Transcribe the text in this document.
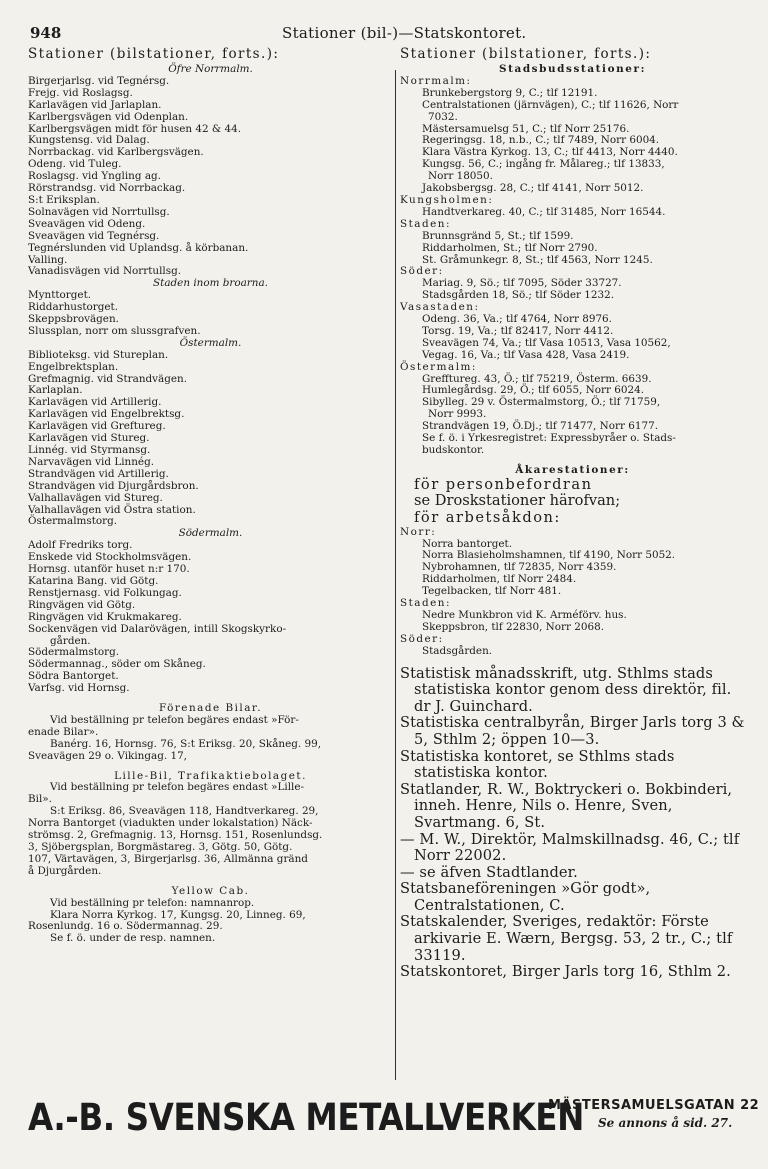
948	Stationer (bil-)—Statskontoret.
Stationer (bilstationer, forts.):
Öfre Norrmalm.
Birgerjarlsg. vid Tegnérsg.
Frejg. vid Roslagsg.
Karlavägen vid Jarlaplan.
Karlbergsvägen vid Odenplan.
Karlbergsvägen midt för husen 42 & 44.
Kungstensg. vid Dalag.
Norrbackag. vid Karlbergsvägen.
Odeng. vid Tuleg.
Roslagsg. vid Yngling ag.
Rörstrandsg. vid Norrbackag.
S:t Eriksplan.
Solnavägen vid Norrtullsg.
Sveavägen vid Odeng.
Sveavägen vid Tegnérsg.
Tegnérslunden vid Uplandsg. å körbanan.
Valling.
Vanadisvägen vid Norrtullsg.
Staden inom broarna.
Mynttorget.
Riddarhustorget.
Skeppsbrovägen.
Slussplan, norr om slussgrafven.
Östermalm.
Biblioteksg. vid Stureplan.
Engelbrektsplan.
Grefmagnig. vid Strandvägen.
Karlaplan.
Karlavägen vid Artillerig.
Karlavägen vid Engelbrektsg.
Karlavägen vid Greftureg.
Karlavägen vid Stureg.
Linnég. vid Styrmansg.
Narvavägen vid Linnég.
Strandvägen vid Artillerig.
Strandvägen vid Djurgårdsbron.
Valhallavägen vid Stureg.
Valhallavägen vid Östra station.
Östermalmstorg.
Södermalm.
Adolf Fredriks torg.
Enskede vid Stockholmsvägen.
Hornsg. utanför huset n:r 170.
Katarina Bang. vid Götg.
Renstjernasg. vid Folkungag.
Ringvägen vid Götg.
Ringvägen vid Krukmakareg.
Sockenvägen vid Dalarövägen, intill Skogskyrko-
gården.
Södermalmstorg.
Södermannag., söder om Skåneg.
Södra Bantorget.
Varfsg. vid Hornsg.
Förenade Bilar.
Vid beställning pr telefon begäres endast »För-
enade Bilar».
Banérg. 16, Hornsg. 76, S:t Eriksg. 20, Skåneg. 99,
Sveavägen 29 o. Vikingag. 17,
Lille-Bil, Trafikaktiebolaget.
Vid beställning pr telefon begäres endast »Lille-
Bil».
S:t Eriksg. 86, Sveavägen 118, Handtverkareg. 29,
Norra Bantorget (viadukten under lokalstation) Näck-
strömsg. 2, Grefmagnig. 13, Hornsg. 151, Rosenlundsg.
3, Sjöbergsplan, Borgmästareg. 3, Götg. 50, Götg.
107, Värtavägen, 3, Birgerjarlsg. 36, Allmänna gränd
å Djurgården.
Yellow Cab.
Vid beställning pr telefon: namnanrop.
Klara Norra Kyrkog. 17, Kungsg. 20, Linneg. 69,
Rosenlundg. 16 o. Södermannag. 29.
Se f. ö. under de resp. namnen.
Stationer (bilstationer, forts.):
Stadsbudsstationer:
Norrmalm:
Brunkebergstorg 9, C.; tlf 12191.
Centralstationen (järnvägen), C.; tlf 11626, Norr
7032.
Mästersamuelsg 51, C.; tlf Norr 25176.
Regeringsg. 18, n.b., C.; tlf 7489, Norr 6004.
Klara Västra Kyrkog. 13, C.; tlf 4413, Norr 4440.
Kungsg. 56, C.; ingång fr. Målareg.; tlf 13833,
Norr 18050.
Jakobsbergsg. 28, C.; tlf 4141, Norr 5012.
Kungsholmen:
Handtverkareg. 40, C.; tlf 31485, Norr 16544.
Staden:
Brunnsgränd 5, St.; tlf 1599.
Riddarholmen, St.; tlf Norr 2790.
St. Gråmunkegr. 8, St.; tlf 4563, Norr 1245.
Söder:
Mariag. 9, Sö.; tlf 7095, Söder 33727.
Stadsgården 18, Sö.; tlf Söder 1232.
Vasastaden:
Odeng. 36, Va.; tlf 4764, Norr 8976.
Torsg. 19, Va.; tlf 82417, Norr 4412.
Sveavägen 74, Va.; tlf Vasa 10513, Vasa 10562,
Vegag. 16, Va.; tlf Vasa 428, Vasa 2419.
Östermalm:
Grefftureg. 43, Ö.; tlf 75219, Österm. 6639.
Humlegårdsg. 29, Ö.; tlf 6055, Norr 6024.
Sibylleg. 29 v. Östermalmstorg, Ö.; tlf 71759,
Norr 9993.
Strandvägen 19, Ö.Dj.; tlf 71477, Norr 6177.
Se f. ö. i Yrkesregistret: Expressbyråer o. Stads-
budskontor.
Åkarestationer:
för personbefordran
se Droskstationer härofvan;
för arbetsåkdon:
Norr:
Norra bantorget.
Norra Blasieholmshamnen, tlf 4190, Norr 5052.
Nybrohamnen, tlf 72835, Norr 4359.
Riddarholmen, tlf Norr 2484.
Tegelbacken, tlf Norr 481.
Staden:
Nedre Munkbron vid K. Arméförv. hus.
Skeppsbron, tlf 22830, Norr 2068.
Söder:
Stadsgården.
Statistisk månadsskrift, utg. Sthlms stads statistiska kontor genom dess direktör, fil. dr J. Guinchard.
Statistiska centralbyrån, Birger Jarls torg 3 & 5, Sthlm 2; öppen 10—3.
Statistiska kontoret, se Sthlms stads statistiska kontor.
Statlander, R. W., Boktryckeri o. Bokbinderi, inneh. Henre, Nils o. Henre, Sven, Svartmang. 6, St.
— M. W., Direktör, Malmskillnadsg. 46, C.; tlf Norr 22002.
— se äfven Stadtlander.
Statsbaneföreningen »Gör godt», Centralstationen, C.
Statskalender, Sveriges, redaktör: Förste arkivarie E. Wærn, Bergsg. 53, 2 tr., C.; tlf 33119.
Statskontoret, Birger Jarls torg 16, Sthlm 2.
A.-B. SVENSKA METALLVERKEN
MÄSTERSAMUELSGATAN 22
Se annons å sid. 27.
